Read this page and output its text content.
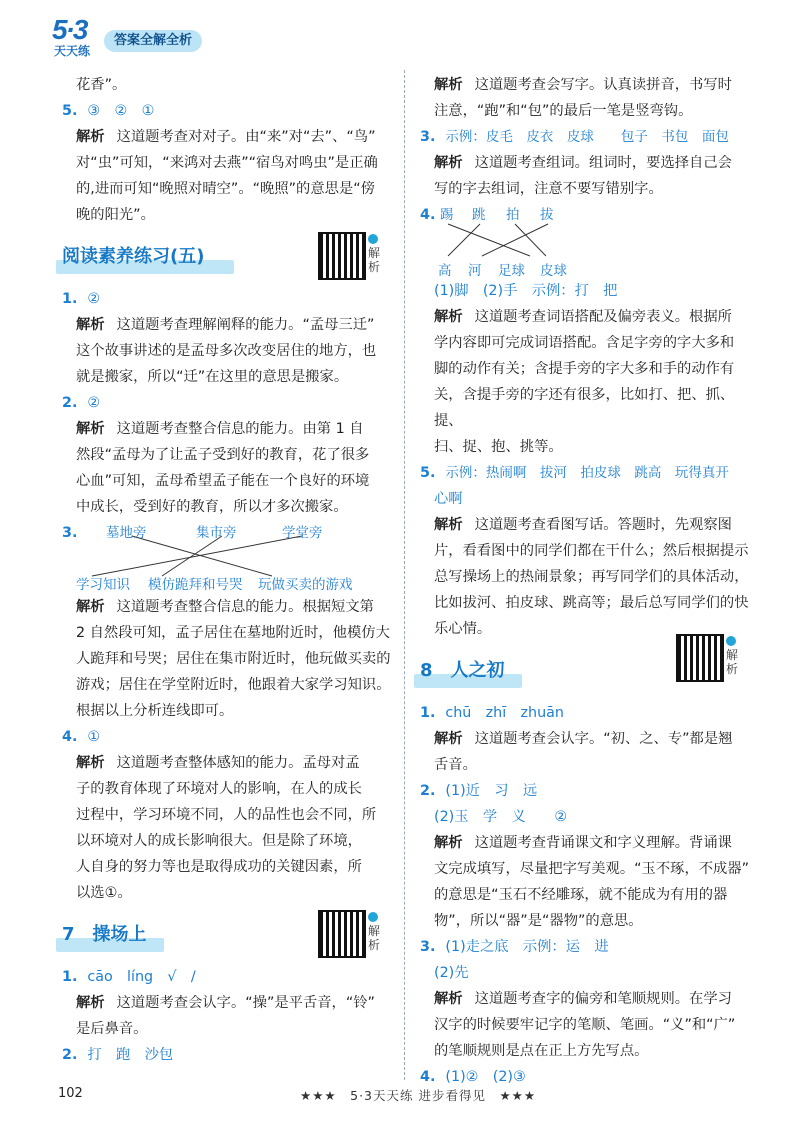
5·3
天天练
答案全解全析

花香”。

5. ③　②　①

解析 这道题考查对对子。由“来”对“去”、“鸟”

对“虫”可知，“来鸿对去燕”“宿鸟对鸣虫”是正确

的,进而可知“晚照对晴空”。“晚照”的意思是“傍

晚的阳光”。

阅读素养练习(五)	解析

1. ②

解析 这道题考查理解阐释的能力。“孟母三迁”

这个故事讲述的是孟母多次改变居住的地方，也

就是搬家，所以“迁”在这里的意思是搬家。

2. ②

解析 这道题考查整合信息的能力。由第 1 自

然段“孟母为了让孟子受到好的教育，花了很多

心血”可知，孟母希望孟子能在一个良好的环境

中成长，受到好的教育，所以才多次搬家。

3. 墓地旁	集市旁	学堂旁
学习知识 模仿跪拜和号哭 玩做买卖的游戏

解析 这道题考查整合信息的能力。根据短文第

2 自然段可知，孟子居住在墓地附近时，他模仿大

人跪拜和号哭；居住在集市附近时，他玩做买卖的

游戏；居住在学堂附近时，他跟着大家学习知识。

根据以上分析连线即可。

4. ①

解析 这道题考查整体感知的能力。孟母对孟

子的教育体现了环境对人的影响，在人的成长

过程中，学习环境不同，人的品性也会不同，所

以环境对人的成长影响很大。但是除了环境，

人自身的努力等也是取得成功的关键因素，所

以选①。

7　操场上	解析

1. cāo　líng　√　/

解析 这道题考查会认字。“操”是平舌音，“铃”

是后鼻音。

2. 打　跑　沙包

解析 这道题考查会写字。认真读拼音，书写时

注意，“跑”和“包”的最后一笔是竖弯钩。

3. 示例：皮毛　皮衣　皮球　　包子　书包　面包

解析 这道题考查组词。组词时，要选择自己会

写的字去组词，注意不要写错别字。

4. 踢 跳 拍 拔
高 河 足球 皮球

(1)脚　(2)手　示例：打　把

解析 这道题考查词语搭配及偏旁表义。根据所

学内容即可完成词语搭配。含足字旁的字大多和

脚的动作有关；含提手旁的字大多和手的动作有

关，含提手旁的字还有很多，比如打、把、抓、提、

扫、捉、抱、挑等。

5. 示例：热闹啊　拔河　拍皮球　跳高　玩得真开

心啊

解析 这道题考查看图写话。答题时，先观察图

片，看看图中的同学们都在干什么；然后根据提示

总写操场上的热闹景象；再写同学们的具体活动，

比如拔河、拍皮球、跳高等；最后总写同学们的快

乐心情。

8　人之初
解析

1. chū　zhī　zhuān

解析 这道题考查会认字。“初、之、专”都是翘

舌音。

2. (1)近　习　远

(2)玉　学　义　　②

解析 这道题考查背诵课文和字义理解。背诵课

文完成填写，尽量把字写美观。“玉不琢，不成器”

的意思是“玉石不经雕琢，就不能成为有用的器

物”，所以“器”是“器物”的意思。

3. (1)走之底　示例：运　进

(2)先

解析 这道题考查字的偏旁和笔顺规则。在学习

汉字的时候要牢记字的笔顺、笔画。“义”和“广”

的笔顺规则是点在正上方先写点。

4. (1)②　(2)③

102	★★★　5·3天天练 进步看得见　★★★
